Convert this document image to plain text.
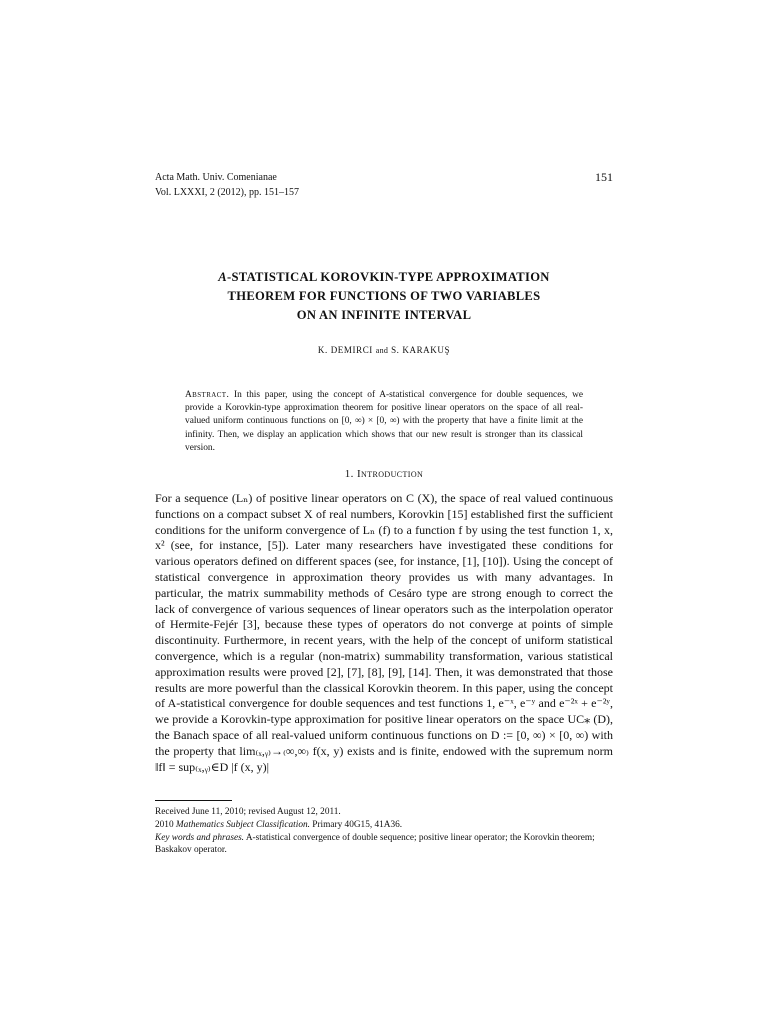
Acta Math. Univ. Comenianae
Vol. LXXXI, 2 (2012), pp. 151–157
151
A-STATISTICAL KOROVKIN-TYPE APPROXIMATION
THEOREM FOR FUNCTIONS OF TWO VARIABLES
ON AN INFINITE INTERVAL
K. DEMIRCI and S. KARAKUŞ
Abstract. In this paper, using the concept of A-statistical convergence for double sequences, we provide a Korovkin-type approximation theorem for positive linear operators on the space of all real-valued uniform continuous functions on [0, ∞) × [0, ∞) with the property that have a finite limit at the infinity. Then, we display an application which shows that our new result is stronger than its classical version.
1. Introduction

For a sequence (Lₙ) of positive linear operators on C (X), the space of real valued continuous functions on a compact subset X of real numbers, Korovkin [15] established first the sufficient conditions for the uniform convergence of Lₙ (f) to a function f by using the test function 1, x, x² (see, for instance, [5]). Later many researchers have investigated these conditions for various operators defined on different spaces (see, for instance, [1], [10]). Using the concept of statistical convergence in approximation theory provides us with many advantages. In particular, the matrix summability methods of Cesáro type are strong enough to correct the lack of convergence of various sequences of linear operators such as the interpolation operator of Hermite-Fejér [3], because these types of operators do not converge at points of simple discontinuity. Furthermore, in recent years, with the help of the concept of uniform statistical convergence, which is a regular (non-matrix) summability transformation, various statistical approximation results were proved [2], [7], [8], [9], [14]. Then, it was demonstrated that those results are more powerful than the classical Korovkin theorem. In this paper, using the concept of A-statistical convergence for double sequences and test functions 1, e⁻ˣ, e⁻ʸ and e⁻²ˣ + e⁻²ʸ, we provide a Korovkin-type approximation for positive linear operators on the space UC⁎ (D), the Banach space of all real-valued uniform continuous functions on D := [0, ∞) × [0, ∞) with the property that lim₍ₓ,ᵧ₎→₍∞,∞₎ f(x, y) exists and is finite, endowed with the supremum norm ‖f‖ = sup₍ₓ,ᵧ₎∈D |f (x, y)|

Received June 11, 2010; revised August 12, 2011.
2010 Mathematics Subject Classification. Primary 40G15, 41A36.
Key words and phrases. A-statistical convergence of double sequence; positive linear operator; the Korovkin theorem; Baskakov operator.
